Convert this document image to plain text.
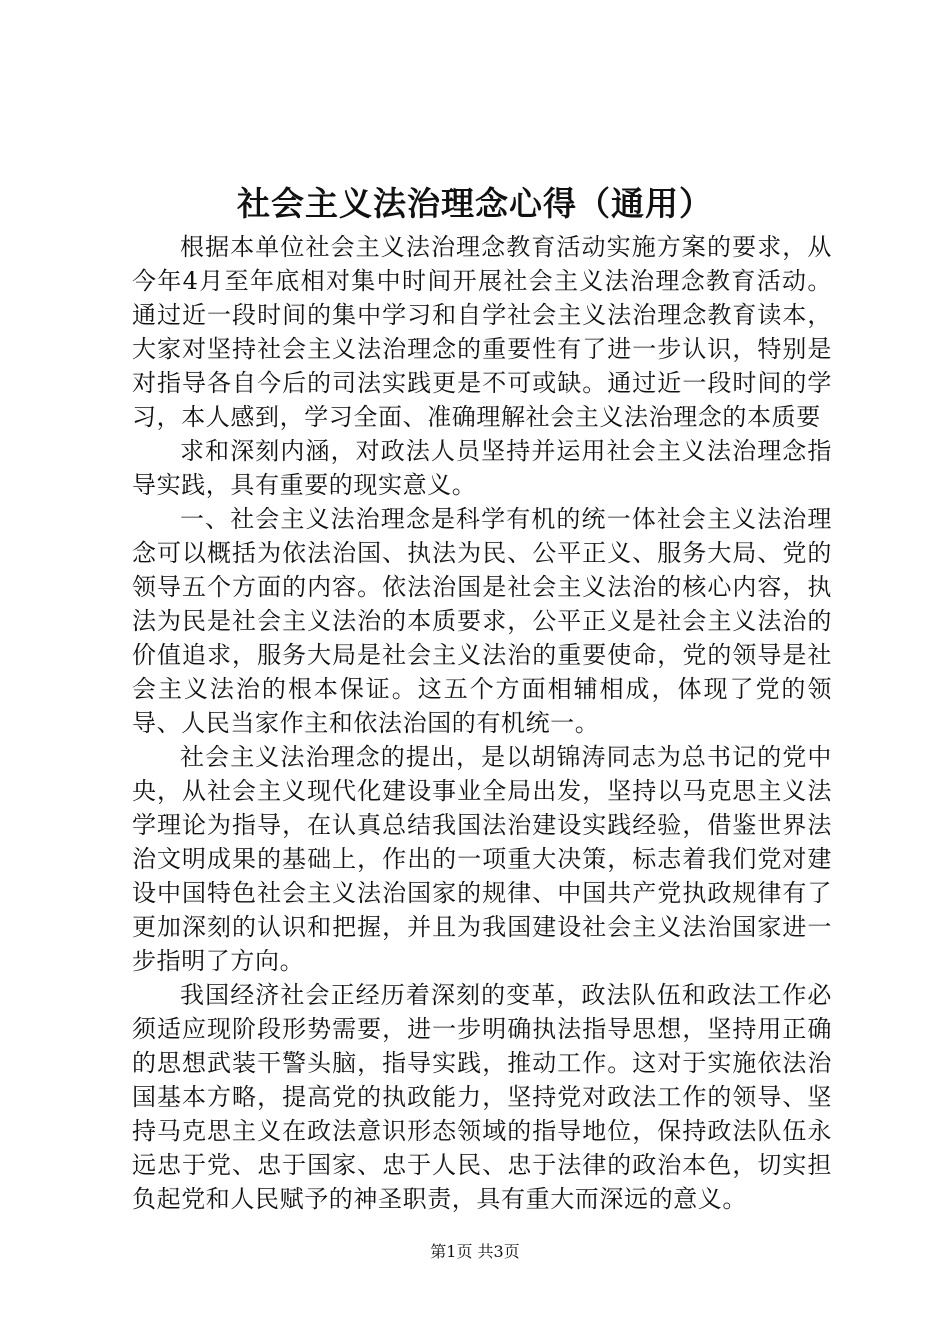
社会主义法治理念心得（通用）

根据本单位社会主义法治理念教育活动实施方案的要求，从今年4月至年底相对集中时间开展社会主义法治理念教育活动。通过近一段时间的集中学习和自学社会主义法治理念教育读本，大家对坚持社会主义法治理念的重要性有了进一步认识，特别是对指导各自今后的司法实践更是不可或缺。通过近一段时间的学习，本人感到，学习全面、准确理解社会主义法治理念的本质要

求和深刻内涵，对政法人员坚持并运用社会主义法治理念指导实践，具有重要的现实意义。

一、社会主义法治理念是科学有机的统一体社会主义法治理念可以概括为依法治国、执法为民、公平正义、服务大局、党的领导五个方面的内容。依法治国是社会主义法治的核心内容，执法为民是社会主义法治的本质要求，公平正义是社会主义法治的价值追求，服务大局是社会主义法治的重要使命，党的领导是社会主义法治的根本保证。这五个方面相辅相成，体现了党的领导、人民当家作主和依法治国的有机统一。

社会主义法治理念的提出，是以胡锦涛同志为总书记的党中央，从社会主义现代化建设事业全局出发，坚持以马克思主义法学理论为指导，在认真总结我国法治建设实践经验，借鉴世界法治文明成果的基础上，作出的一项重大决策，标志着我们党对建设中国特色社会主义法治国家的规律、中国共产党执政规律有了更加深刻的认识和把握，并且为我国建设社会主义法治国家进一步指明了方向。

我国经济社会正经历着深刻的变革，政法队伍和政法工作必须适应现阶段形势需要，进一步明确执法指导思想，坚持用正确的思想武装干警头脑，指导实践，推动工作。这对于实施依法治国基本方略，提高党的执政能力，坚持党对政法工作的领导、坚持马克思主义在政法意识形态领域的指导地位，保持政法队伍永远忠于党、忠于国家、忠于人民、忠于法律的政治本色，切实担负起党和人民赋予的神圣职责，具有重大而深远的意义。

第1页 共3页
